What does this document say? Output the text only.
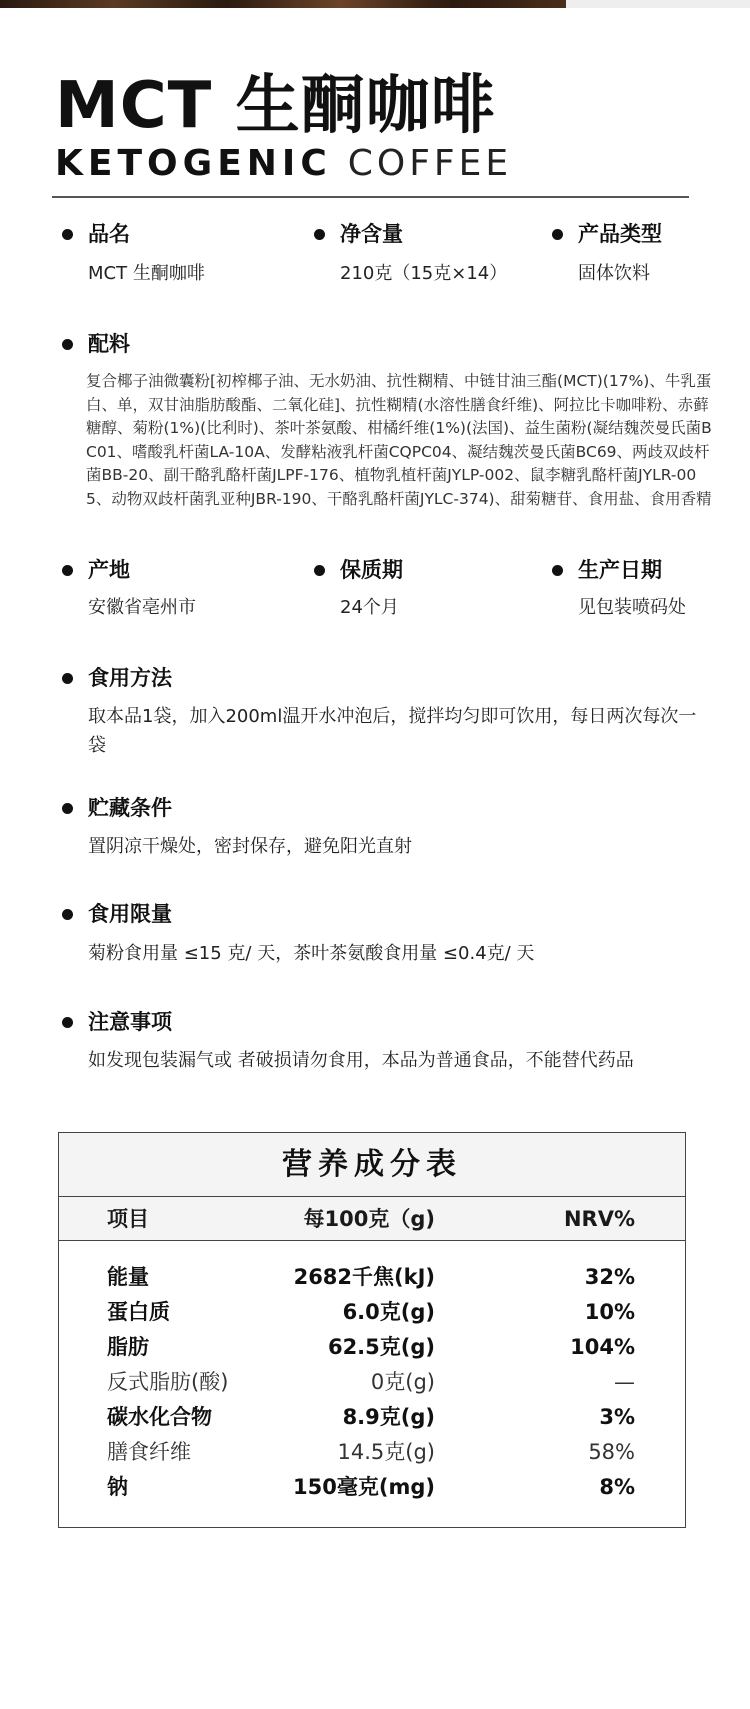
MCT 生酮咖啡
KETOGENIC COFFEE
品名
MCT 生酮咖啡
净含量
210克（15克×14）
产品类型
固体饮料
配料
复合椰子油微囊粉[初榨椰子油、无水奶油、抗性糊精、中链甘油三酯(MCT)(17%)、牛乳蛋白、单，双甘油脂肪酸酯、二氧化硅]、抗性糊精(水溶性膳食纤维)、阿拉比卡咖啡粉、赤藓糖醇、菊粉(1%)(比利时)、茶叶茶氨酸、柑橘纤维(1%)(法国)、益生菌粉(凝结魏茨曼氏菌BC01、嗜酸乳杆菌LA-10A、发酵粘液乳杆菌CQPC04、凝结魏茨曼氏菌BC69、两歧双歧杆菌BB-20、副干酪乳酪杆菌JLPF-176、植物乳植杆菌JYLP-002、鼠李糖乳酪杆菌JYLR-005、动物双歧杆菌乳亚种JBR-190、干酪乳酪杆菌JYLC-374)、甜菊糖苷、食用盐、食用香精
产地
安徽省亳州市
保质期
24个月
生产日期
见包装喷码处
食用方法
取本品1袋，加入200ml温开水冲泡后，搅拌均匀即可饮用，每日两次每次一袋
贮藏条件
置阴凉干燥处，密封保存，避免阳光直射
食用限量
菊粉食用量 ≤15 克/ 天，茶叶茶氨酸食用量 ≤0.4克/ 天
注意事项
如发现包装漏气或 者破损请勿食用，本品为普通食品，不能替代药品
营养成分表
项目	每100克（g)	NRV%
能量	2682千焦(kJ)	32%
蛋白质	6.0克(g)	10%
脂肪	62.5克(g)	104%
反式脂肪(酸)	0克(g)	—
碳水化合物	8.9克(g)	3%
膳食纤维	14.5克(g)	58%
钠	150毫克(mg)	8%
